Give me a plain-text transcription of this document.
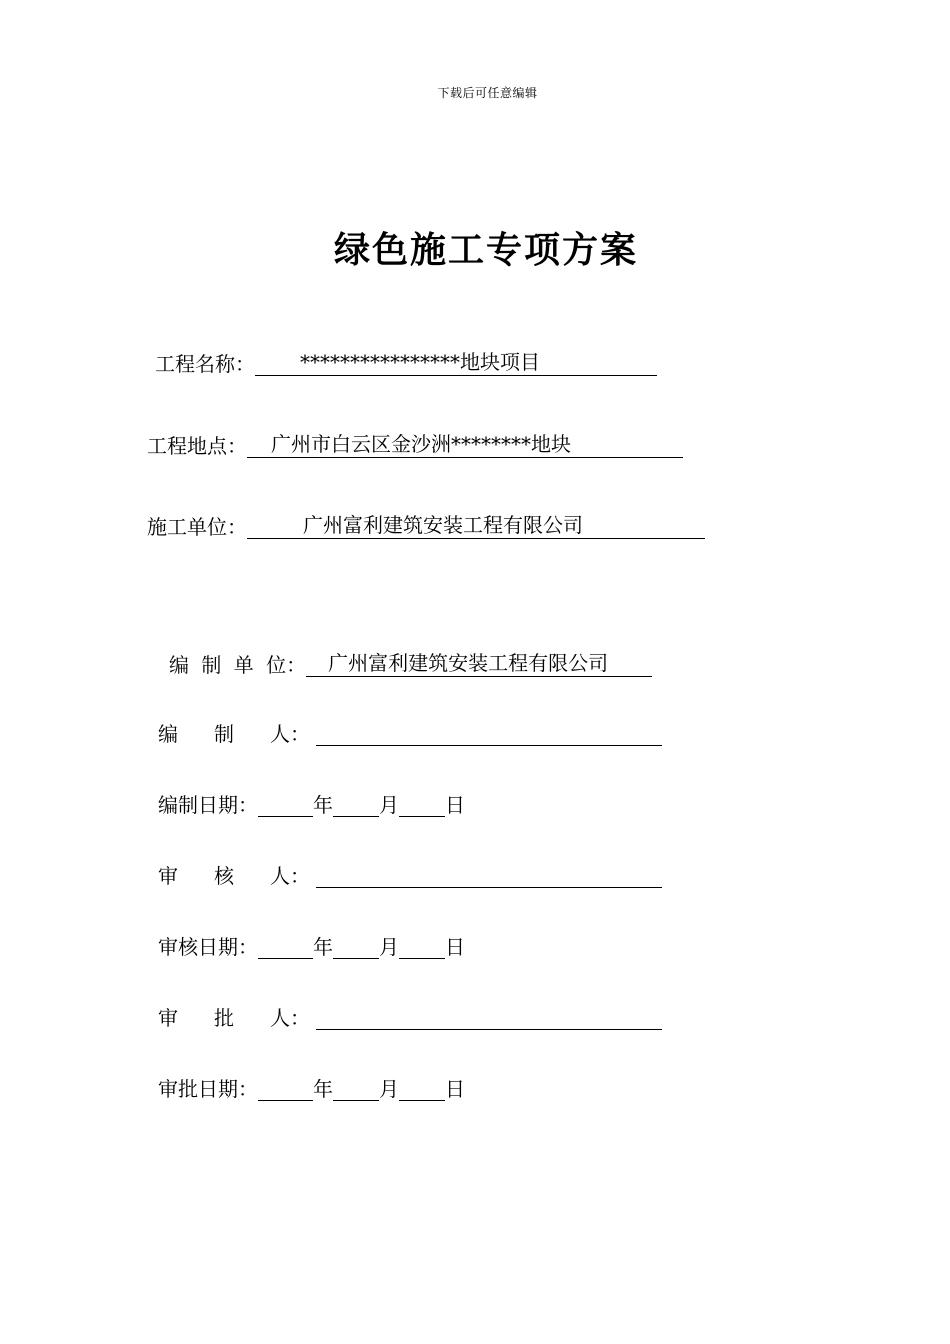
下载后可任意编辑
绿色施工专项方案
工程名称：	****************地块项目
工程地点：	广州市白云区金沙洲********地块
施工单位：	广州富利建筑安装工程有限公司
编 制 单 位：	广州富利建筑安装工程有限公司
编	制	人：
编制日期：	年 月 日
审	核	人：
审核日期：	年 月 日
审	批	人：
审批日期：	年 月 日
